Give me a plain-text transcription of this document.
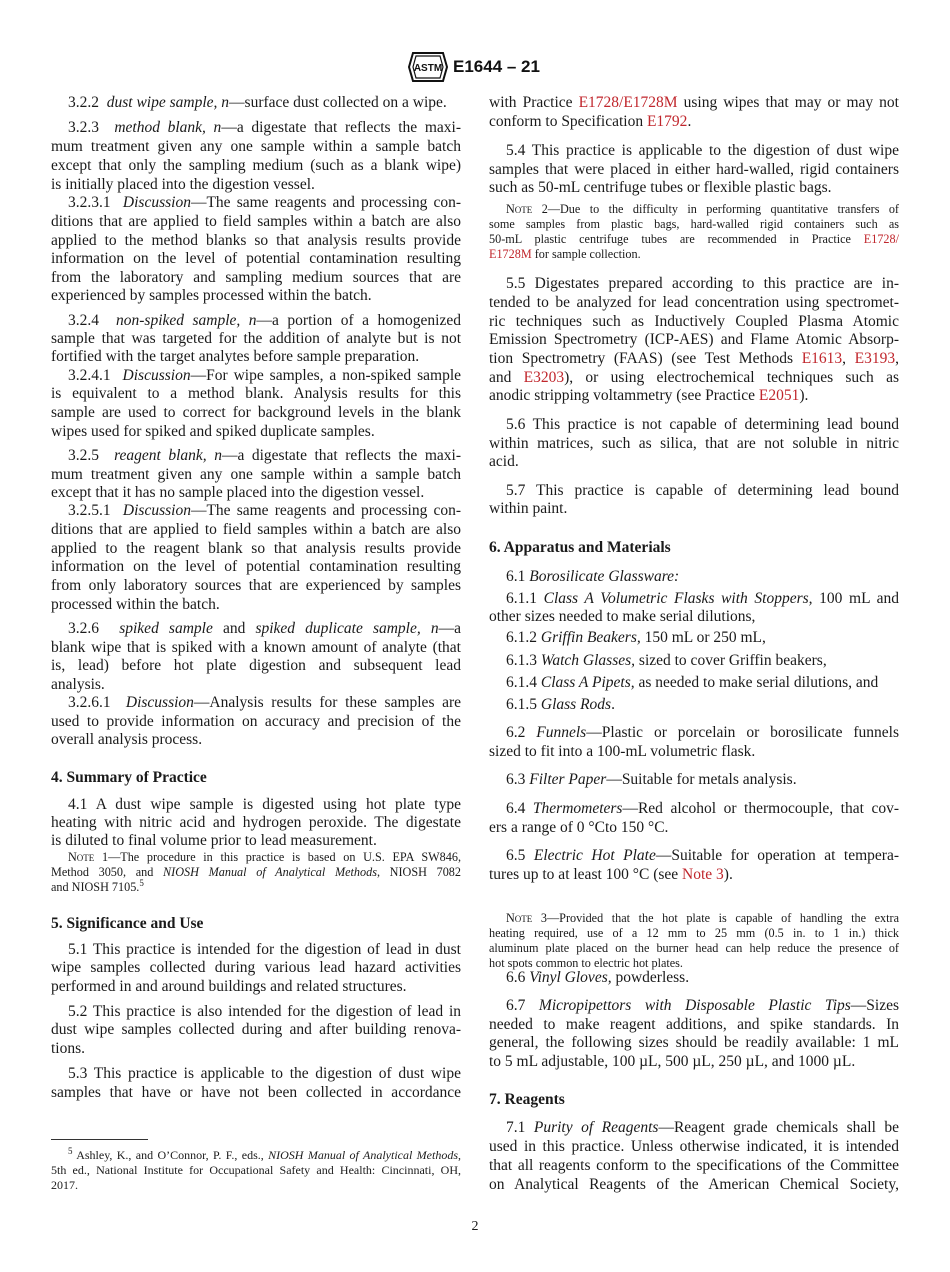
ASTM E1644 – 21
3.2.2 dust wipe sample, n—surface dust collected on a wipe.
3.2.3 method blank, n—a digestate that reflects the maxi-
mum treatment given any one sample within a sample batch
except that only the sampling medium (such as a blank wipe)
is initially placed into the digestion vessel.
3.2.3.1 Discussion—The same reagents and processing con-
ditions that are applied to field samples within a batch are also
applied to the method blanks so that analysis results provide
information on the level of potential contamination resulting
from the laboratory and sampling medium sources that are
experienced by samples processed within the batch.
3.2.4 non-spiked sample, n—a portion of a homogenized
sample that was targeted for the addition of analyte but is not
fortified with the target analytes before sample preparation.
3.2.4.1 Discussion—For wipe samples, a non-spiked sample
is equivalent to a method blank. Analysis results for this
sample are used to correct for background levels in the blank
wipes used for spiked and spiked duplicate samples.
3.2.5 reagent blank, n—a digestate that reflects the maxi-
mum treatment given any one sample within a sample batch
except that it has no sample placed into the digestion vessel.
3.2.5.1 Discussion—The same reagents and processing con-
ditions that are applied to field samples within a batch are also
applied to the reagent blank so that analysis results provide
information on the level of potential contamination resulting
from only laboratory sources that are experienced by samples
processed within the batch.
3.2.6 spiked sample and spiked duplicate sample, n—a
blank wipe that is spiked with a known amount of analyte (that
is, lead) before hot plate digestion and subsequent lead
analysis.
3.2.6.1 Discussion—Analysis results for these samples are
used to provide information on accuracy and precision of the
overall analysis process.
4. Summary of Practice
4.1 A dust wipe sample is digested using hot plate type
heating with nitric acid and hydrogen peroxide. The digestate
is diluted to final volume prior to lead measurement.
Note 1—The procedure in this practice is based on U.S. EPA SW846,
Method 3050, and NIOSH Manual of Analytical Methods, NIOSH 7082
and NIOSH 7105.$^5$
5. Significance and Use
5.1 This practice is intended for the digestion of lead in dust
wipe samples collected during various lead hazard activities
performed in and around buildings and related structures.
5.2 This practice is also intended for the digestion of lead in
dust wipe samples collected during and after building renova-
tions.
5.3 This practice is applicable to the digestion of dust wipe
samples that have or have not been collected in accordance
$^5$ Ashley, K., and O’Connor, P. F., eds., NIOSH Manual of Analytical Methods,
5th ed., National Institute for Occupational Safety and Health: Cincinnati, OH,
2017.
with Practice E1728/E1728M using wipes that may or may not
conform to Specification E1792.
5.4 This practice is applicable to the digestion of dust wipe
samples that were placed in either hard-walled, rigid containers
such as 50-mL centrifuge tubes or flexible plastic bags.
Note 2—Due to the difficulty in performing quantitative transfers of
some samples from plastic bags, hard-walled rigid containers such as
50-mL plastic centrifuge tubes are recommended in Practice E1728/
E1728M for sample collection.
5.5 Digestates prepared according to this practice are in-
tended to be analyzed for lead concentration using spectromet-
ric techniques such as Inductively Coupled Plasma Atomic
Emission Spectrometry (ICP-AES) and Flame Atomic Absorp-
tion Spectrometry (FAAS) (see Test Methods E1613, E3193,
and E3203), or using electrochemical techniques such as
anodic stripping voltammetry (see Practice E2051).
5.6 This practice is not capable of determining lead bound
within matrices, such as silica, that are not soluble in nitric
acid.
5.7 This practice is capable of determining lead bound
within paint.
6. Apparatus and Materials
6.1 Borosilicate Glassware:
6.1.1 Class A Volumetric Flasks with Stoppers, 100 mL and
other sizes needed to make serial dilutions,
6.1.2 Griffin Beakers, 150 mL or 250 mL,
6.1.3 Watch Glasses, sized to cover Griffin beakers,
6.1.4 Class A Pipets, as needed to make serial dilutions, and
6.1.5 Glass Rods.
6.2 Funnels—Plastic or porcelain or borosilicate funnels
sized to fit into a 100-mL volumetric flask.
6.3 Filter Paper—Suitable for metals analysis.
6.4 Thermometers—Red alcohol or thermocouple, that cov-
ers a range of 0 °Cto 150 °C.
6.5 Electric Hot Plate—Suitable for operation at tempera-
tures up to at least 100 °C (see Note 3).
Note 3—Provided that the hot plate is capable of handling the extra
heating required, use of a 12 mm to 25 mm (0.5 in. to 1 in.) thick
aluminum plate placed on the burner head can help reduce the presence of
hot spots common to electric hot plates.
6.6 Vinyl Gloves, powderless.
6.7 Micropipettors with Disposable Plastic Tips—Sizes
needed to make reagent additions, and spike standards. In
general, the following sizes should be readily available: 1 mL
to 5 mL adjustable, 100 µL, 500 µL, 250 µL, and 1000 µL.
7. Reagents
7.1 Purity of Reagents—Reagent grade chemicals shall be
used in this practice. Unless otherwise indicated, it is intended
that all reagents conform to the specifications of the Committee
on Analytical Reagents of the American Chemical Society,
2
